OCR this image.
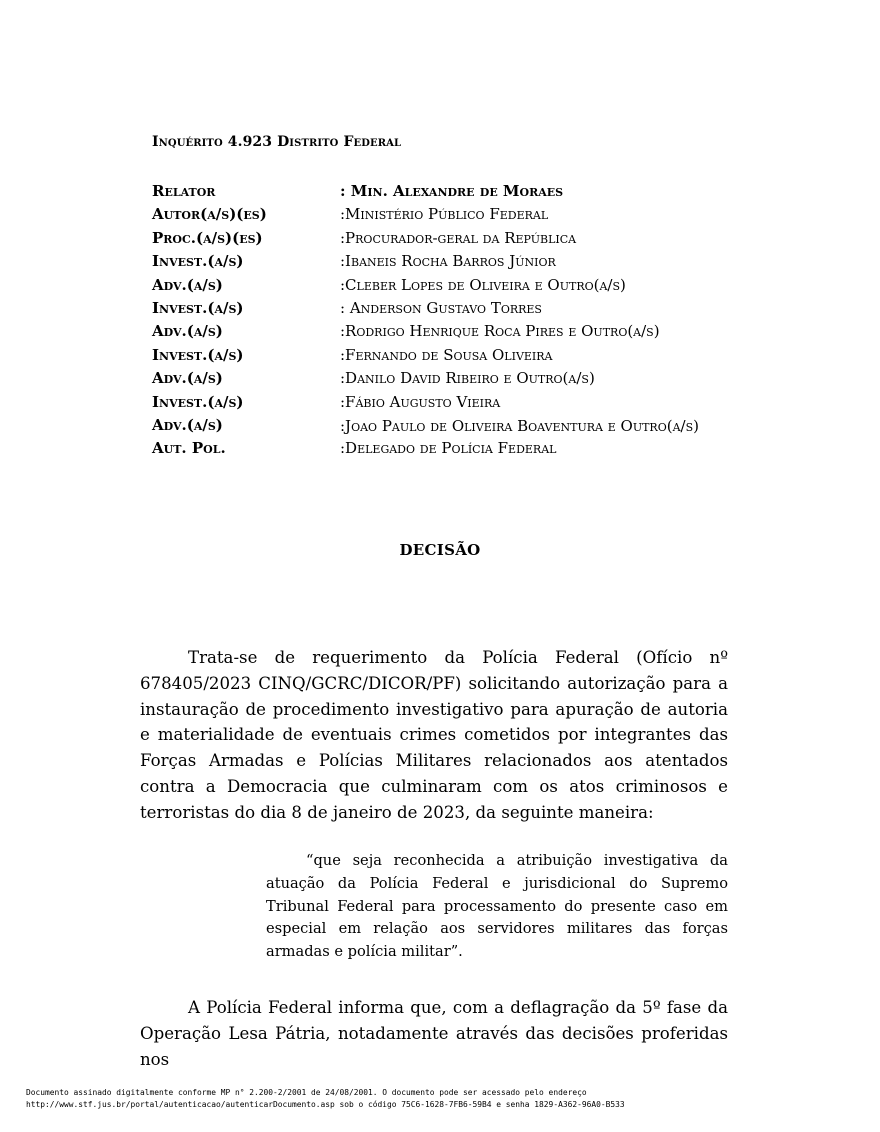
Inquérito 4.923 Distrito Federal
Relator	: Min. Alexandre de Moraes
Autor(a/s)(es)	:Ministério Público Federal
Proc.(a/s)(es)	:Procurador-geral da República
Invest.(a/s)	:Ibaneis Rocha Barros Júnior
Adv.(a/s)	:Cleber Lopes de Oliveira e Outro(a/s)
Invest.(a/s)	: Anderson Gustavo Torres
Adv.(a/s)	:Rodrigo Henrique Roca Pires e Outro(a/s)
Invest.(a/s)	:Fernando de Sousa Oliveira
Adv.(a/s)	:Danilo David Ribeiro e Outro(a/s)
Invest.(a/s)	:Fábio Augusto Vieira
Adv.(a/s)	:Joao Paulo de Oliveira Boaventura e Outro(a/s)
Aut. Pol.	:Delegado de Polícia Federal
DECISÃO

Trata-se de requerimento da Polícia Federal (Ofício nº 678405/2023 CINQ/GCRC/DICOR/PF) solicitando autorização para a instauração de procedimento investigativo para apuração de autoria e materialidade de eventuais crimes cometidos por integrantes das Forças Armadas e Polícias Militares relacionados aos atentados contra a Democracia que culminaram com os atos criminosos e terroristas do dia 8 de janeiro de 2023, da seguinte maneira:

“que seja reconhecida a atribuição investigativa da atuação da Polícia Federal e jurisdicional do Supremo Tribunal Federal para processamento do presente caso em especial em relação aos servidores militares das forças armadas e polícia militar”.

A Polícia Federal informa que, com a deflagração da 5º fase da Operação Lesa Pátria, notadamente através das decisões proferidas nos

Documento assinado digitalmente conforme MP n° 2.200-2/2001 de 24/08/2001. O documento pode ser acessado pelo endereço
http://www.stf.jus.br/portal/autenticacao/autenticarDocumento.asp sob o código 75C6-1628-7FB6-59B4 e senha 1829-A362-96A0-B533
